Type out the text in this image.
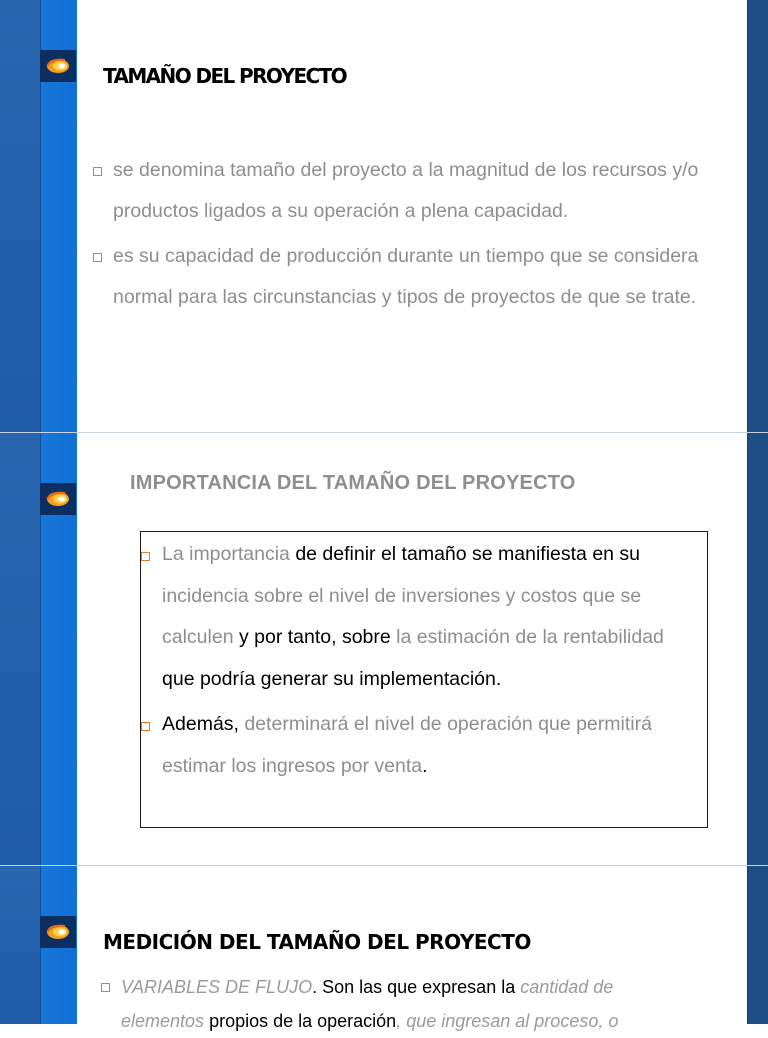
TAMAÑO DEL PROYECTO
se denomina tamaño del proyecto a la magnitud de los recursos y/o productos ligados a su operación a plena capacidad.
es su capacidad de producción durante un tiempo que se considera normal para las circunstancias y tipos de proyectos de que se trate.
IMPORTANCIA DEL TAMAÑO DEL PROYECTO
La importancia de definir el tamaño se manifiesta en su incidencia sobre el nivel de inversiones y costos que se calculen y por tanto, sobre la estimación de la rentabilidad que podría generar su implementación.
Además, determinará el nivel de operación que permitirá estimar los ingresos por venta.
MEDICIÓN DEL TAMAÑO DEL PROYECTO
VARIABLES DE FLUJO. Son las que expresan la cantidad de elementos propios de la operación, que ingresan al proceso, o
